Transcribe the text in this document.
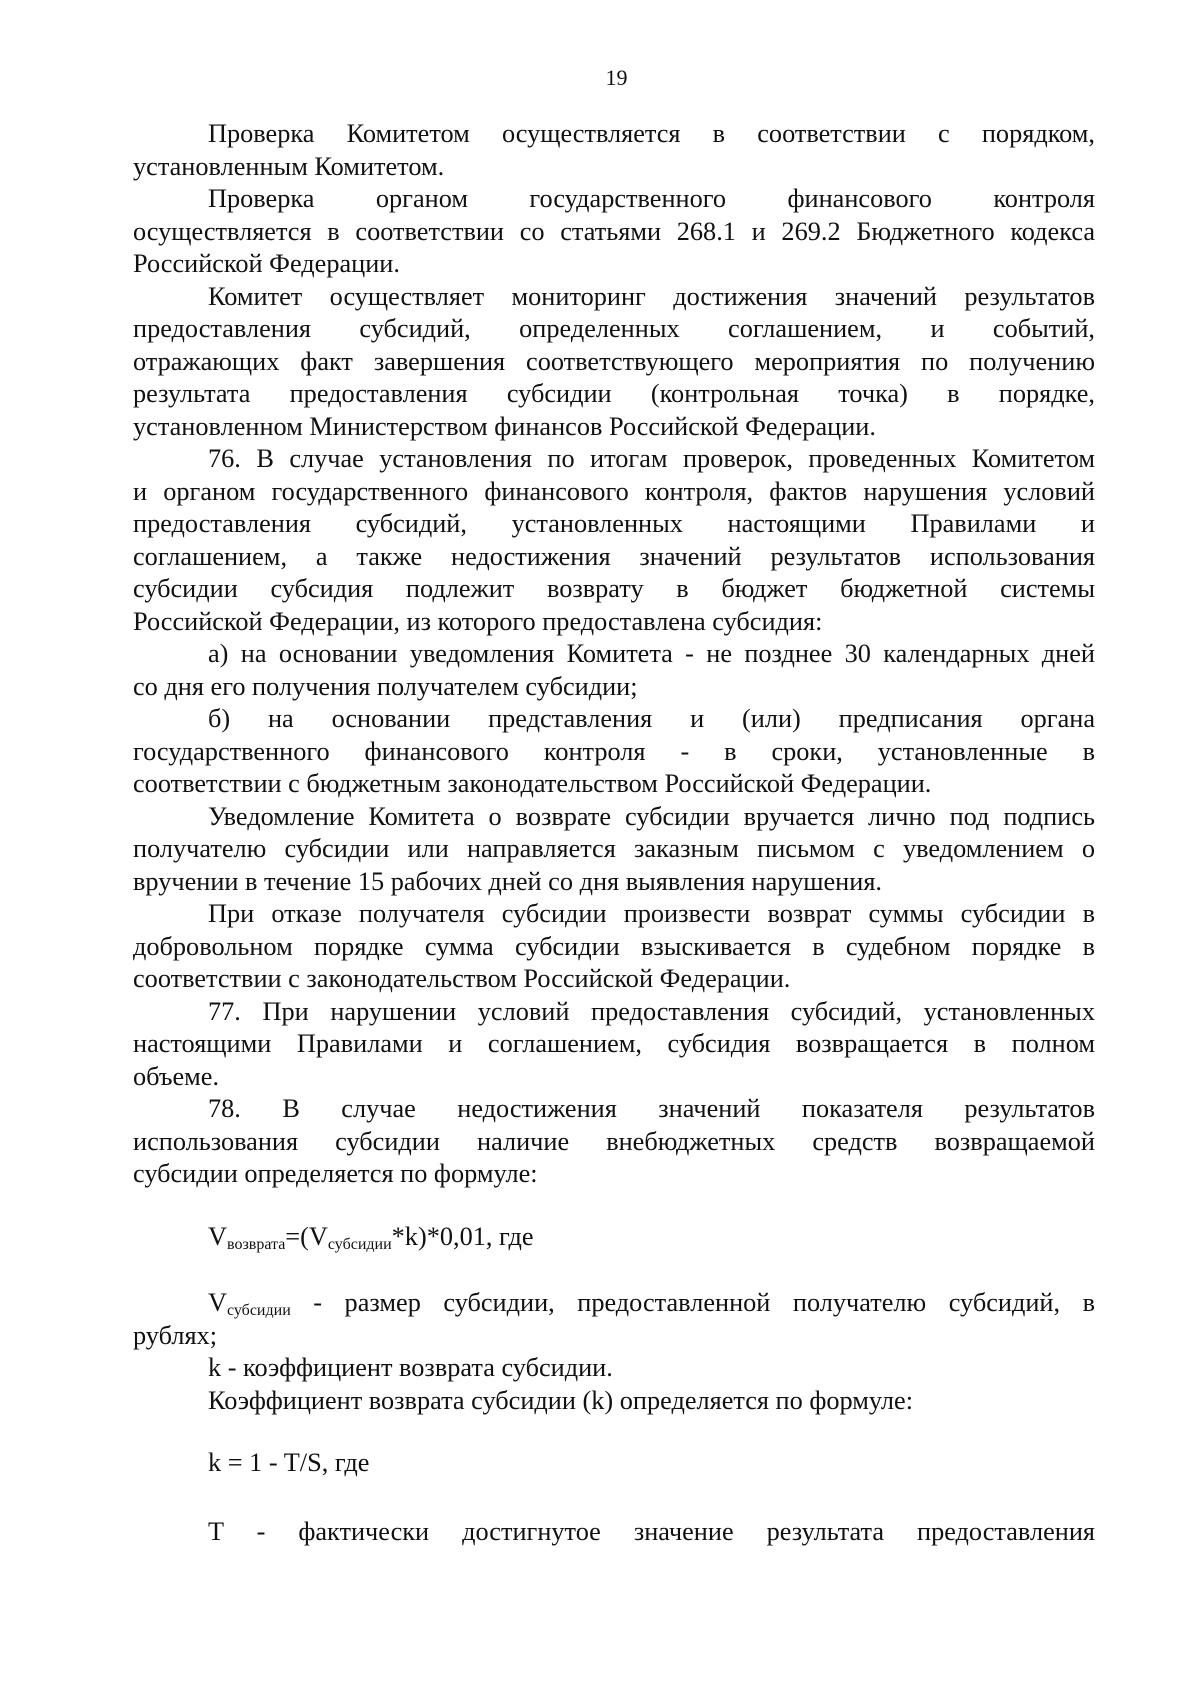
19
Проверка Комитетом осуществляется в соответствии с порядком,
установленным Комитетом.
Проверка органом государственного финансового контроля
осуществляется в соответствии со статьями 268.1 и 269.2 Бюджетного кодекса
Российской Федерации.
Комитет осуществляет мониторинг достижения значений результатов
предоставления субсидий, определенных соглашением, и событий,
отражающих факт завершения соответствующего мероприятия по получению
результата предоставления субсидии (контрольная точка) в порядке,
установленном Министерством финансов Российской Федерации.
76. В случае установления по итогам проверок, проведенных Комитетом
и органом государственного финансового контроля, фактов нарушения условий
предоставления субсидий, установленных настоящими Правилами и
соглашением, а также недостижения значений результатов использования
субсидии субсидия подлежит возврату в бюджет бюджетной системы
Российской Федерации, из которого предоставлена субсидия:
а) на основании уведомления Комитета - не позднее 30 календарных дней
со дня его получения получателем субсидии;
б) на основании представления и (или) предписания органа
государственного финансового контроля - в сроки, установленные в
соответствии с бюджетным законодательством Российской Федерации.
Уведомление Комитета о возврате субсидии вручается лично под подпись
получателю субсидии или направляется заказным письмом с уведомлением о
вручении в течение 15 рабочих дней со дня выявления нарушения.
При отказе получателя субсидии произвести возврат суммы субсидии в
добровольном порядке сумма субсидии взыскивается в судебном порядке в
соответствии с законодательством Российской Федерации.
77. При нарушении условий предоставления субсидий, установленных
настоящими Правилами и соглашением, субсидия возвращается в полном
объеме.
78. В случае недостижения значений показателя результатов
использования субсидии наличие внебюджетных средств возвращаемой
субсидии определяется по формуле:
$V_{возврата}=(V_{субсидии}*k)*0,01$, где
$V_{субсидии}$ - размер субсидии, предоставленной получателю субсидий, в
рублях;
k - коэффициент возврата субсидии.
Коэффициент возврата субсидии (k) определяется по формуле:
k = 1 - T/S, где
T - фактически достигнутое значение результата предоставления
